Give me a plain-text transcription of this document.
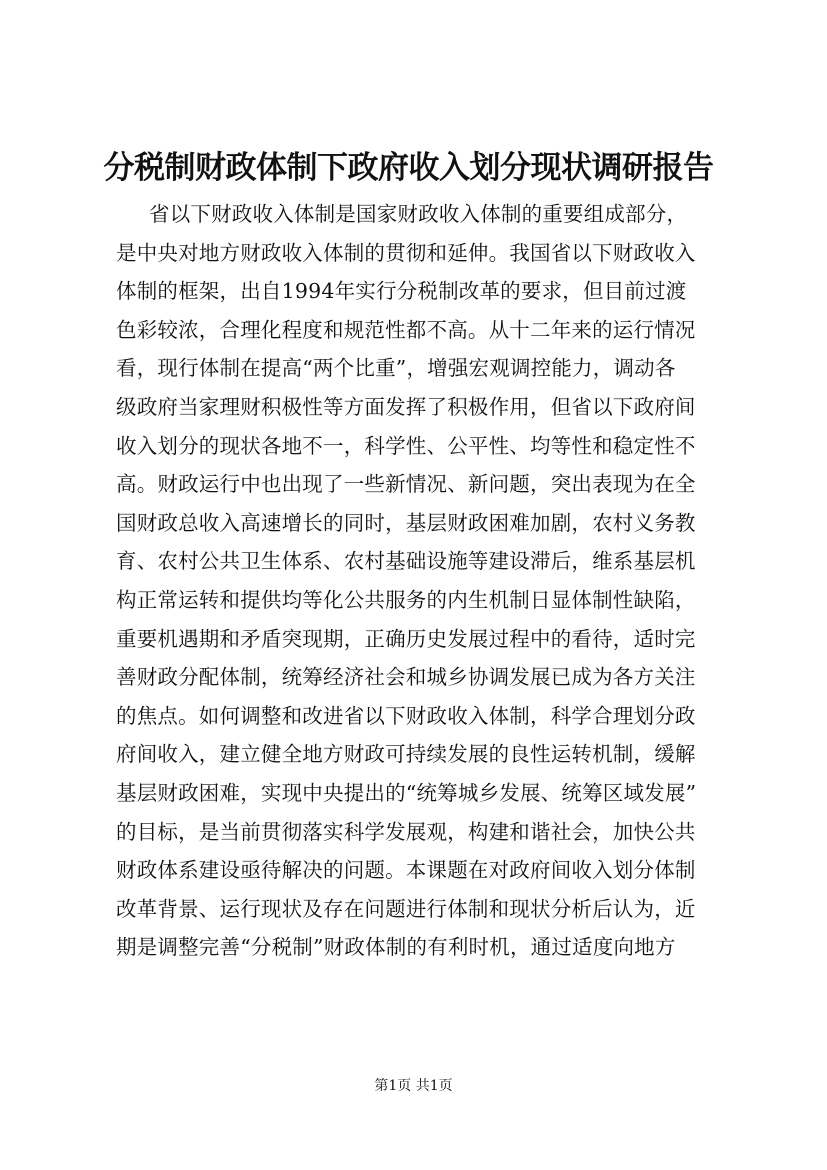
分税制财政体制下政府收入划分现状调研报告
省以下财政收入体制是国家财政收入体制的重要组成部分，
是中央对地方财政收入体制的贯彻和延伸。我国省以下财政收入
体制的框架，出自1994年实行分税制改革的要求，但目前过渡
色彩较浓，合理化程度和规范性都不高。从十二年来的运行情况
看，现行体制在提高“两个比重”，增强宏观调控能力，调动各
级政府当家理财积极性等方面发挥了积极作用，但省以下政府间
收入划分的现状各地不一，科学性、公平性、均等性和稳定性不
高。财政运行中也出现了一些新情况、新问题，突出表现为在全
国财政总收入高速增长的同时，基层财政困难加剧，农村义务教
育、农村公共卫生体系、农村基础设施等建设滞后，维系基层机
构正常运转和提供均等化公共服务的内生机制日显体制性缺陷，
重要机遇期和矛盾突现期，正确历史发展过程中的看待，适时完
善财政分配体制，统筹经济社会和城乡协调发展已成为各方关注
的焦点。如何调整和改进省以下财政收入体制，科学合理划分政
府间收入，建立健全地方财政可持续发展的良性运转机制，缓解
基层财政困难，实现中央提出的“统筹城乡发展、统筹区域发展”
的目标，是当前贯彻落实科学发展观，构建和谐社会，加快公共
财政体系建设亟待解决的问题。本课题在对政府间收入划分体制
改革背景、运行现状及存在问题进行体制和现状分析后认为，近
期是调整完善“分税制”财政体制的有利时机，通过适度向地方
第1页 共1页
